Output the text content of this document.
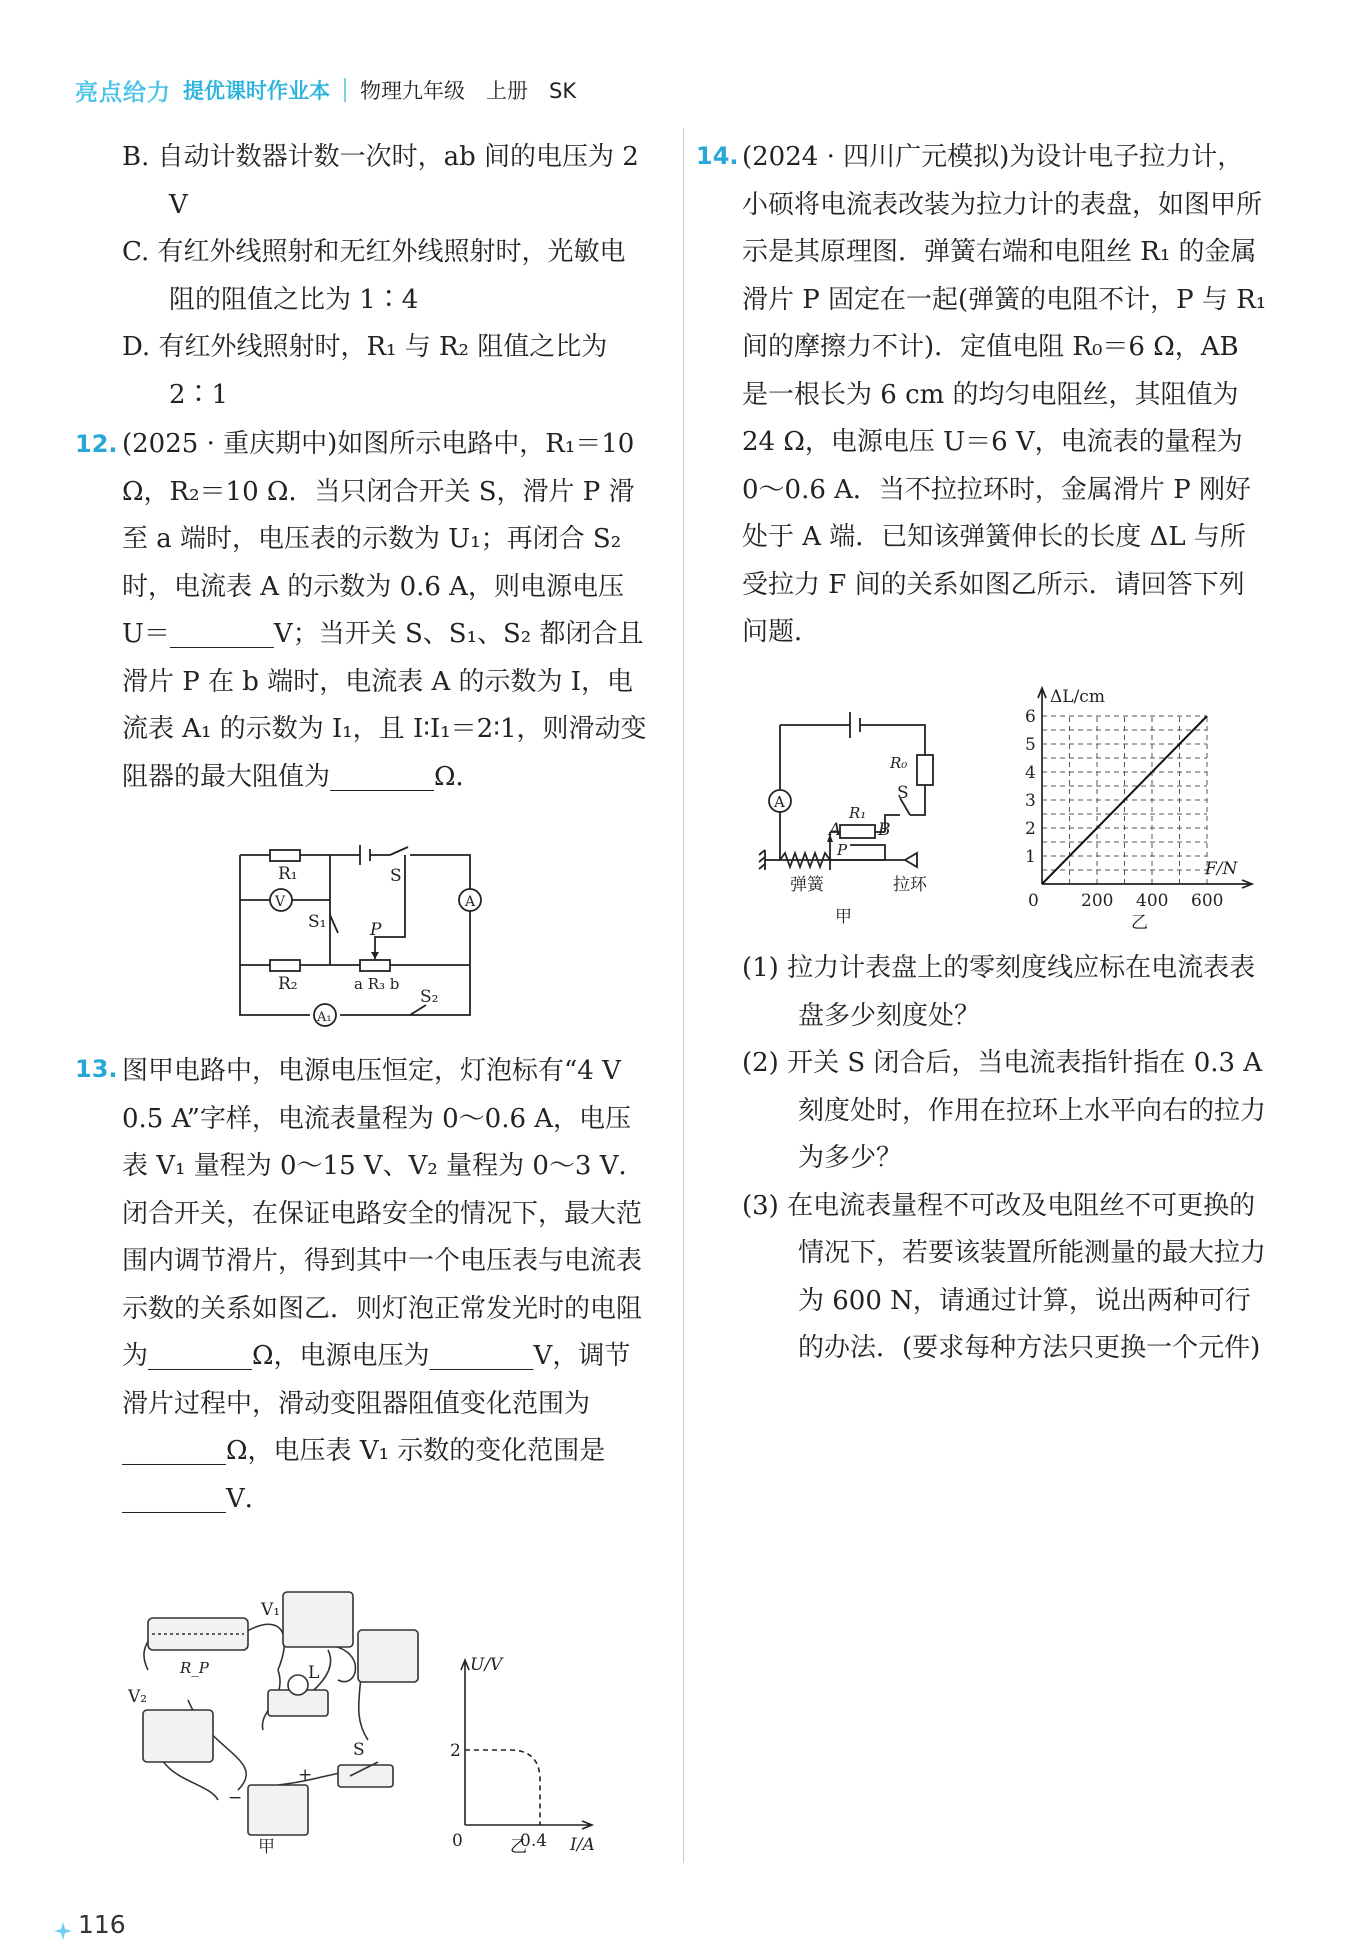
亮点给力 提优课时作业本 物理九年级　上册　SK

B. 自动计数器计数一次时，ab 间的电压为 2 V

C. 有红外线照射和无红外线照射时，光敏电阻的阻值之比为 1∶4

D. 有红外线照射时，R₁ 与 R₂ 阻值之比为 2∶1

(2025 · 重庆期中)如图所示电路中，R₁＝10 Ω，R₂＝10 Ω．当只闭合开关 S，滑片 P 滑至 a 端时，电压表的示数为 U₁；再闭合 S₂ 时，电流表 A 的示数为 0.6 A，则电源电压 U＝________V；当开关 S、S₁、S₂ 都闭合且滑片 P 在 b 端时，电流表 A 的示数为 I，电流表 A₁ 的示数为 I₁，且 I∶I₁＝2∶1，则滑动变阻器的最大阻值为________Ω．

12.
R₁
R₂	a R₃ b
P
S
S₁
S₂
V	A
A₁

图甲电路中，电源电压恒定，灯泡标有“4 V　0.5 A”字样，电流表量程为 0～0.6 A，电压表 V₁ 量程为 0～15 V、V₂ 量程为 0～3 V．闭合开关，在保证电路安全的情况下，最大范围内调节滑片，得到其中一个电压表与电流表示数的关系如图乙．则灯泡正常发光时的电阻为________Ω，电源电压为________V，调节滑片过程中，滑动变阻器阻值变化范围为________Ω，电压表 V₁ 示数的变化范围是________V．

13.
V₁
V₂
L
R_P
S
+
−
甲
U/V
2
0	0.4 I/A
乙

(2024 · 四川广元模拟)为设计电子拉力计，小硕将电流表改装为拉力计的表盘，如图甲所示是其原理图．弹簧右端和电阻丝 R₁ 的金属滑片 P 固定在一起(弹簧的电阻不计，P 与 R₁ 间的摩擦力不计)．定值电阻 R₀＝6 Ω，AB 是一根长为 6 cm 的均匀电阻丝，其阻值为 24 Ω，电源电压 U＝6 V，电流表的量程为 0～0.6 A．当不拉拉环时，金属滑片 P 刚好处于 A 端．已知该弹簧伸长的长度 ΔL 与所受拉力 F 间的关系如图乙所示．请回答下列问题．

14.
R₀
R₁
A B
P
S
A
弹簧	拉环
甲
0 200 400 600
1
2
3
4
5
6
ΔL/cm
F/N
乙

(1) 拉力计表盘上的零刻度线应标在电流表表盘多少刻度处？

(2) 开关 S 闭合后，当电流表指针指在 0.3 A 刻度处时，作用在拉环上水平向右的拉力为多少？

(3) 在电流表量程不可改及电阻丝不可更换的情况下，若要该装置所能测量的最大拉力为 600 N，请通过计算，说出两种可行的办法．(要求每种方法只更换一个元件)

116
